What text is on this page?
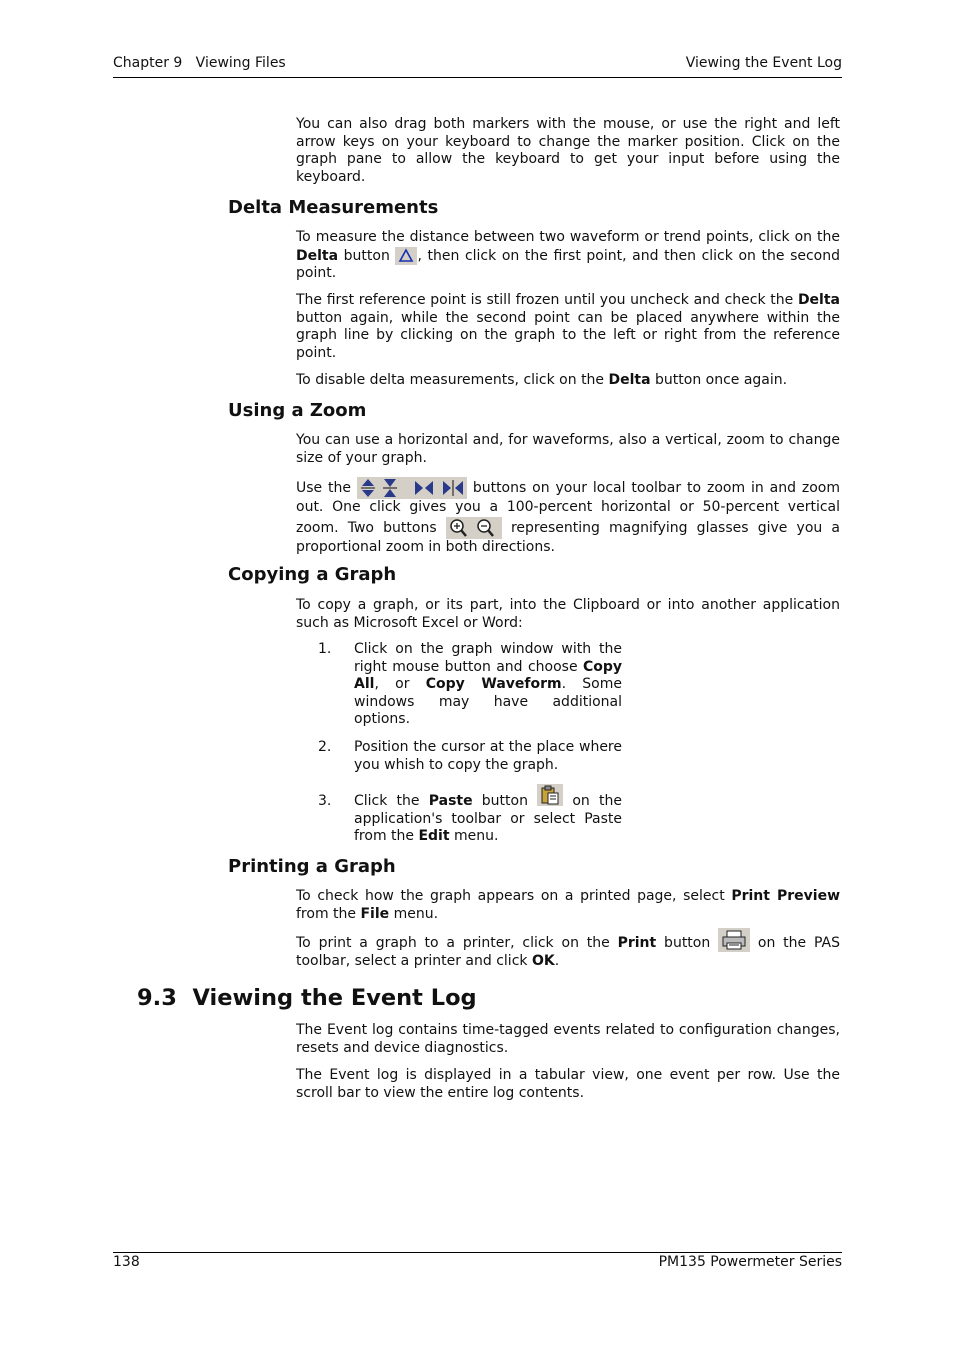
Chapter 9   Viewing Files	Viewing the Event Log
You can also drag both markers with the mouse, or use the right and left arrow keys on your keyboard to change the marker position. Click on the graph pane to allow the keyboard to get your input before using the keyboard.
Delta Measurements
To measure the distance between two waveform or trend points, click on the Delta button
, then click on the first point, and then click on the second point.
The first reference point is still frozen until you uncheck and check the Delta button again, while the second point can be placed anywhere within the graph line by clicking on the graph to the left or right from the reference point.
To disable delta measurements, click on the Delta button once again.
Using a Zoom
You can use a horizontal and, for waveforms, also a vertical, zoom to change size of your graph.
Use the	buttons on your local toolbar to zoom in and zoom out. One click gives you a 100-percent horizontal or 50-percent vertical zoom. Two buttons	representing magnifying glasses give you a proportional zoom in both directions.
Copying a Graph
To copy a graph, or its part, into the Clipboard or into another application such as Microsoft Excel or Word:
1. Click on the graph window with the right mouse button and choose Copy All, or Copy Waveform. Some windows may have additional options.
2. Position the cursor at the place where you whish to copy the graph.
3. Click the Paste button
on the application's toolbar or select Paste from the Edit menu.
Printing a Graph
To check how the graph appears on a printed page, select Print Preview from the File menu.
To print a graph to a printer, click on the Print button
on the PAS toolbar, select a printer and click OK.
9.3  Viewing the Event Log
The Event log contains time-tagged events related to configuration changes, resets and device diagnostics.
The Event log is displayed in a tabular view, one event per row. Use the scroll bar to view the entire log contents.
138	PM135 Powermeter Series
